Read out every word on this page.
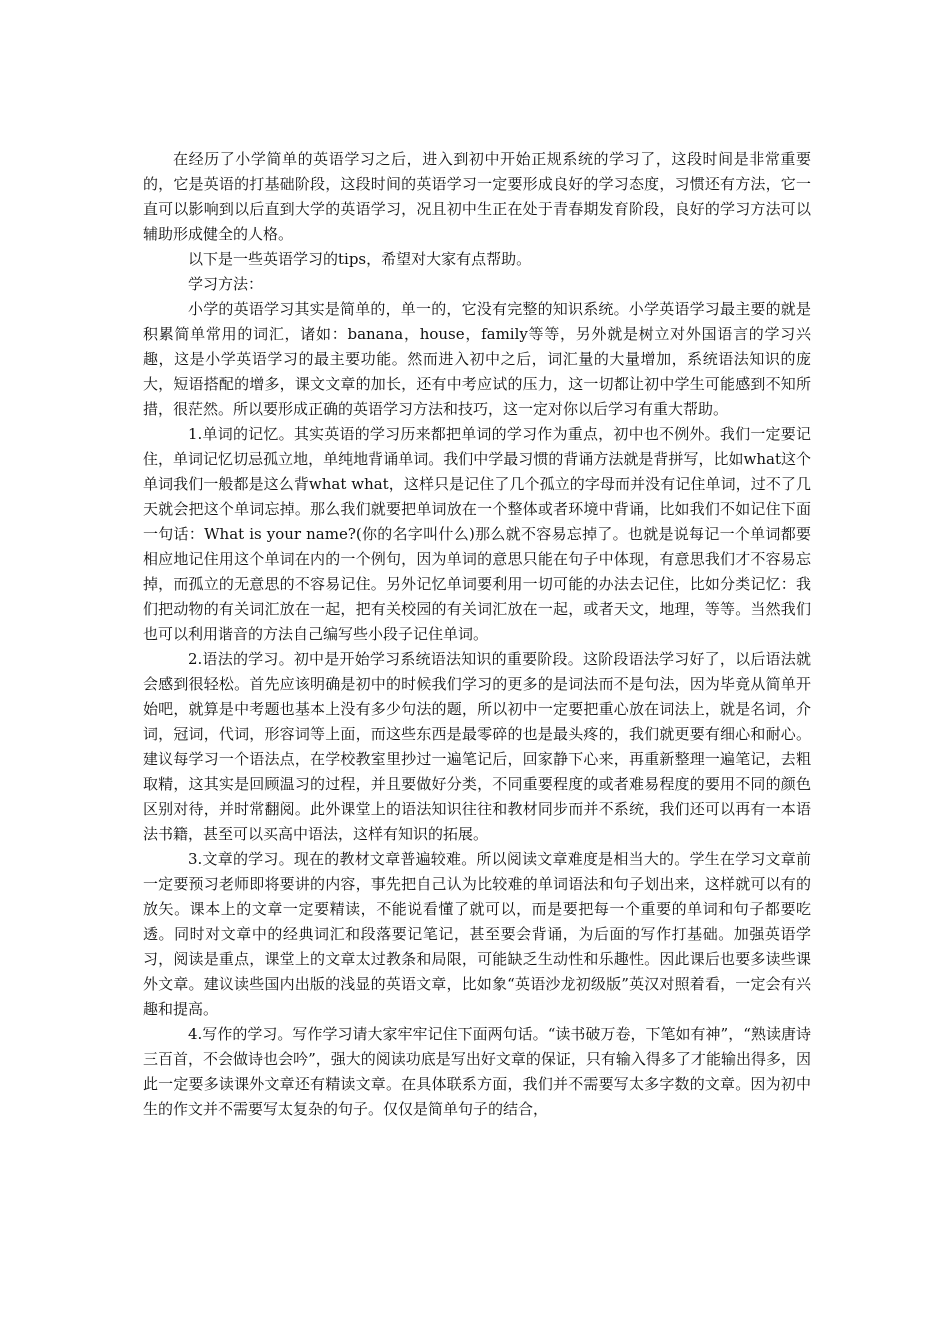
在经历了小学简单的英语学习之后，进入到初中开始正规系统的学习了，这段时间是非常重要的，它是英语的打基础阶段，这段时间的英语学习一定要形成良好的学习态度，习惯还有方法，它一直可以影响到以后直到大学的英语学习，况且初中生正在处于青春期发育阶段，良好的学习方法可以辅助形成健全的人格。

以下是一些英语学习的tips，希望对大家有点帮助。

学习方法：

小学的英语学习其实是简单的，单一的，它没有完整的知识系统。小学英语学习最主要的就是积累简单常用的词汇，诸如：banana，house，family等等，另外就是树立对外国语言的学习兴趣，这是小学英语学习的最主要功能。然而进入初中之后，词汇量的大量增加，系统语法知识的庞大，短语搭配的增多，课文文章的加长，还有中考应试的压力，这一切都让初中学生可能感到不知所措，很茫然。所以要形成正确的英语学习方法和技巧，这一定对你以后学习有重大帮助。

1.单词的记忆。其实英语的学习历来都把单词的学习作为重点，初中也不例外。我们一定要记住，单词记忆切忌孤立地，单纯地背诵单词。我们中学最习惯的背诵方法就是背拼写，比如what这个单词我们一般都是这么背what what，这样只是记住了几个孤立的字母而并没有记住单词，过不了几天就会把这个单词忘掉。那么我们就要把单词放在一个整体或者环境中背诵，比如我们不如记住下面一句话：What is your name?(你的名字叫什么)那么就不容易忘掉了。也就是说每记一个单词都要相应地记住用这个单词在内的一个例句，因为单词的意思只能在句子中体现，有意思我们才不容易忘掉，而孤立的无意思的不容易记住。另外记忆单词要利用一切可能的办法去记住，比如分类记忆：我们把动物的有关词汇放在一起，把有关校园的有关词汇放在一起，或者天文，地理，等等。当然我们也可以利用谐音的方法自己编写些小段子记住单词。

2.语法的学习。初中是开始学习系统语法知识的重要阶段。这阶段语法学习好了，以后语法就会感到很轻松。首先应该明确是初中的时候我们学习的更多的是词法而不是句法，因为毕竟从简单开始吧，就算是中考题也基本上没有多少句法的题，所以初中一定要把重心放在词法上，就是名词，介词，冠词，代词，形容词等上面，而这些东西是最零碎的也是最头疼的，我们就更要有细心和耐心。建议每学习一个语法点，在学校教室里抄过一遍笔记后，回家静下心来，再重新整理一遍笔记，去粗取精，这其实是回顾温习的过程，并且要做好分类，不同重要程度的或者难易程度的要用不同的颜色区别对待，并时常翻阅。此外课堂上的语法知识往往和教材同步而并不系统，我们还可以再有一本语法书籍，甚至可以买高中语法，这样有知识的拓展。

3.文章的学习。现在的教材文章普遍较难。所以阅读文章难度是相当大的。学生在学习文章前一定要预习老师即将要讲的内容，事先把自己认为比较难的单词语法和句子划出来，这样就可以有的放矢。课本上的文章一定要精读，不能说看懂了就可以，而是要把每一个重要的单词和句子都要吃透。同时对文章中的经典词汇和段落要记笔记，甚至要会背诵，为后面的写作打基础。加强英语学习，阅读是重点，课堂上的文章太过教条和局限，可能缺乏生动性和乐趣性。因此课后也要多读些课外文章。建议读些国内出版的浅显的英语文章，比如象“英语沙龙初级版”英汉对照着看，一定会有兴趣和提高。

4.写作的学习。写作学习请大家牢牢记住下面两句话。“读书破万卷，下笔如有神”，“熟读唐诗三百首，不会做诗也会吟”，强大的阅读功底是写出好文章的保证，只有输入得多了才能输出得多，因此一定要多读课外文章还有精读文章。在具体联系方面，我们并不需要写太多字数的文章。因为初中生的作文并不需要写太复杂的句子。仅仅是简单句子的结合，
